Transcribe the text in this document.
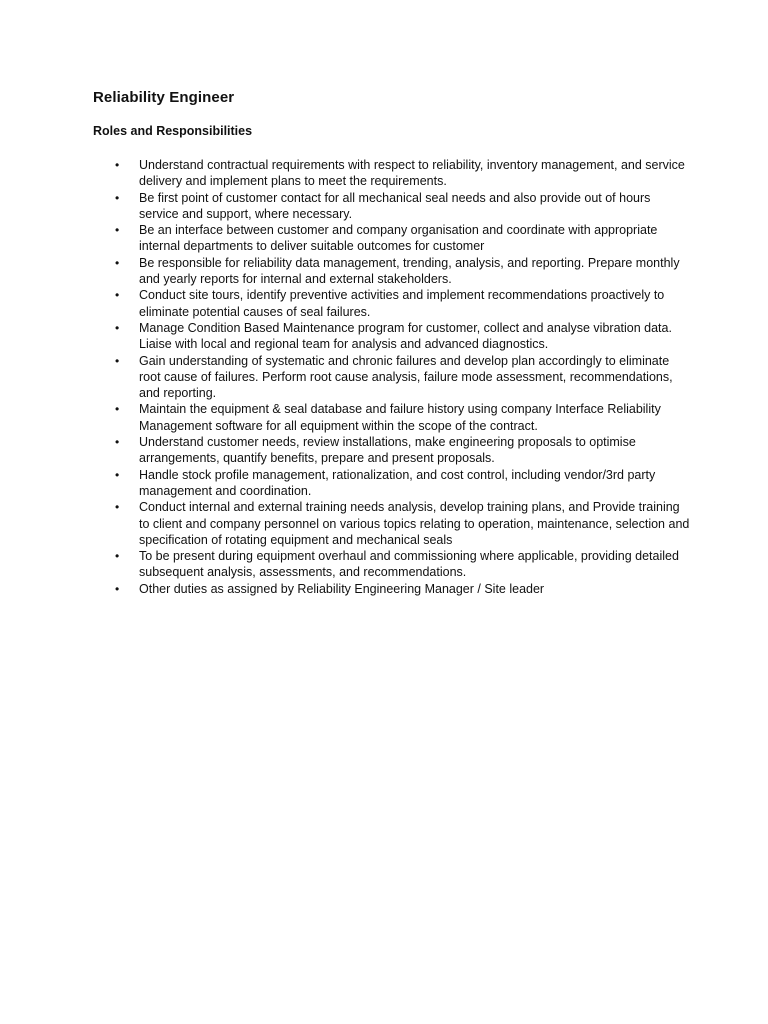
Reliability Engineer
Roles and Responsibilities
• Understand contractual requirements with respect to reliability, inventory management, and service delivery and implement plans to meet the requirements.
• Be first point of customer contact for all mechanical seal needs and also provide out of hours service and support, where necessary.
• Be an interface between customer and company organisation and coordinate with appropriate internal departments to deliver suitable outcomes for customer
• Be responsible for reliability data management, trending, analysis, and reporting. Prepare monthly and yearly reports for internal and external stakeholders.
• Conduct site tours, identify preventive activities and implement recommendations proactively to eliminate potential causes of seal failures.
• Manage Condition Based Maintenance program for customer, collect and analyse vibration data. Liaise with local and regional team for analysis and advanced diagnostics.
• Gain understanding of systematic and chronic failures and develop plan accordingly to eliminate root cause of failures. Perform root cause analysis, failure mode assessment, recommendations, and reporting.
• Maintain the equipment & seal database and failure history using company Interface Reliability Management software for all equipment within the scope of the contract.
• Understand customer needs, review installations, make engineering proposals to optimise arrangements, quantify benefits, prepare and present proposals.
• Handle stock profile management, rationalization, and cost control, including vendor/3rd party management and coordination.
• Conduct internal and external training needs analysis, develop training plans, and Provide training to client and company personnel on various topics relating to operation, maintenance, selection and specification of rotating equipment and mechanical seals
• To be present during equipment overhaul and commissioning where applicable, providing detailed subsequent analysis, assessments, and recommendations.
• Other duties as assigned by Reliability Engineering Manager / Site leader
